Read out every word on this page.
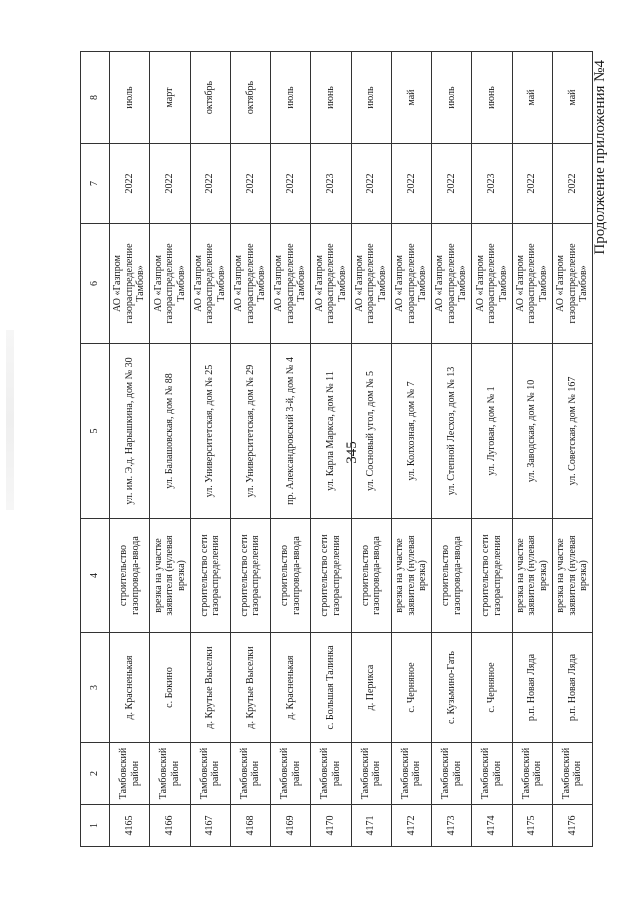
345
1	2	3	4	5	6	7	8
4165	Тамбовский район	д. Красненькая	строительство газопровода-ввода	ул. им. Э.д. Нарышкина, дом № 30	АО «Газпром газораспределение Тамбов»	2022	июль
4166	Тамбовский район	с. Бокино	врезка на участке заявителя (нулевая врезка)	ул. Балашовская, дом № 88	АО «Газпром газораспределение Тамбов»	2022	март
4167	Тамбовский район	д. Крутые Выселки	строительство сети газораспределения	ул. Университетская, дом № 25	АО «Газпром газораспределение Тамбов»	2022	октябрь
4168	Тамбовский район	д. Крутые Выселки	строительство сети газораспределения	ул. Университетская, дом № 29	АО «Газпром газораспределение Тамбов»	2022	октябрь
4169	Тамбовский район	д. Красненькая	строительство газопровода-ввода	пр. Александровский 3-й, дом № 4	АО «Газпром газораспределение Тамбов»	2022	июль
4170	Тамбовский район	с. Большая Талинка	строительство сети газораспределения	ул. Карла Маркса, дом № 11	АО «Газпром газораспределение Тамбов»	2023	июнь
4171	Тамбовский район	д. Перикса	строительство газопровода-ввода	ул. Сосновый угол, дом № 5	АО «Газпром газораспределение Тамбов»	2022	июль
4172	Тамбовский район	с. Черняное	врезка на участке заявителя (нулевая врезка)	ул. Колхозная, дом № 7	АО «Газпром газораспределение Тамбов»	2022	май
4173	Тамбовский район	с. Кузьмино-Гать	строительство газопровода-ввода	ул. Степной Лесхоз, дом № 13	АО «Газпром газораспределение Тамбов»	2022	июль
4174	Тамбовский район	с. Черняное	строительство сети газораспределения	ул. Луговая, дом № 1	АО «Газпром газораспределение Тамбов»	2023	июнь
4175	Тамбовский район	р.п. Новая Ляда	врезка на участке заявителя (нулевая врезка)	ул. Заводская, дом № 10	АО «Газпром газораспределение Тамбов»	2022	май
4176	Тамбовский район	р.п. Новая Ляда	врезка на участке заявителя (нулевая врезка)	ул. Советская, дом № 167	АО «Газпром газораспределение Тамбов»	2022	май Продолжение приложения №4
